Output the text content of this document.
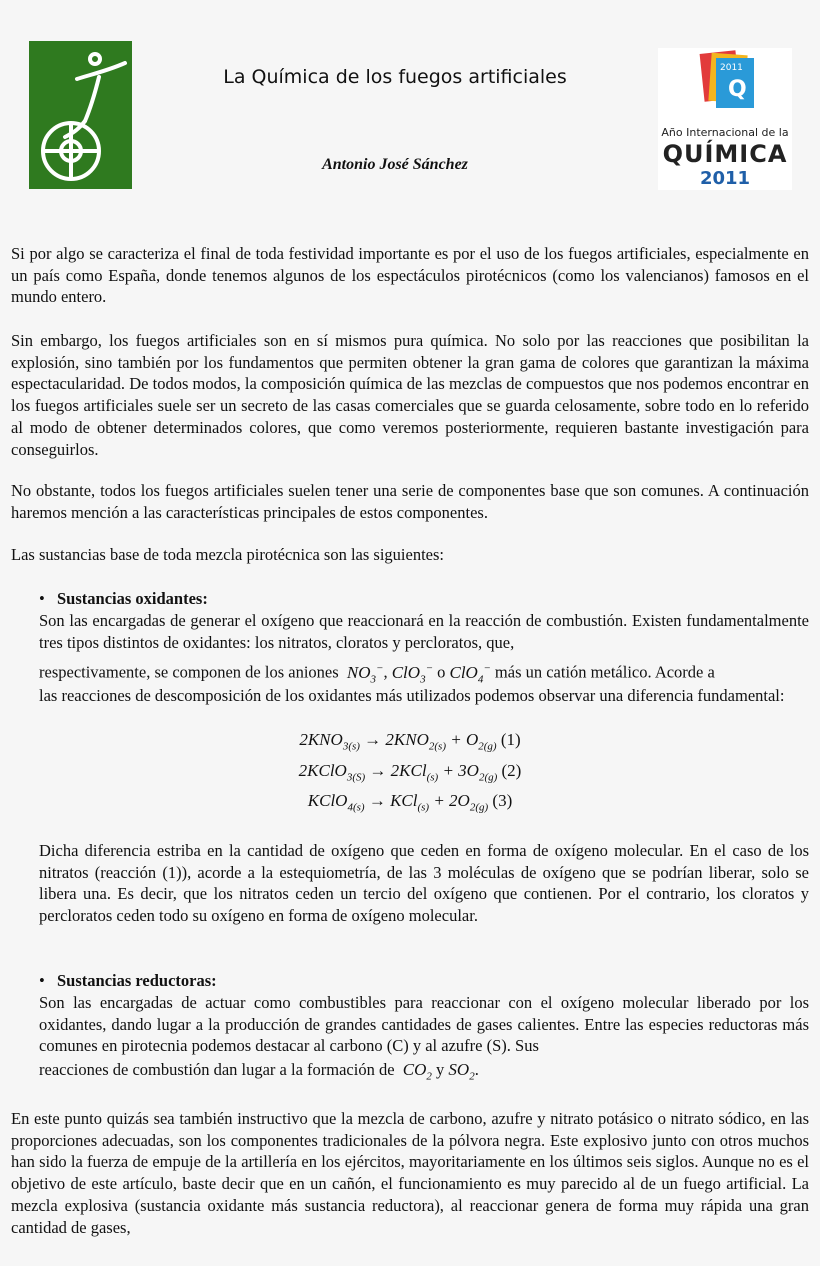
La Química de los fuegos artificiales
Antonio José Sánchez
2011
Q
Año Internacional de la
QUÍMICA
2011

Si por algo se caracteriza el final de toda festividad importante es por el uso de los fuegos artificiales, especialmente en un país como España, donde tenemos algunos de los espectáculos pirotécnicos (como los valencianos) famosos en el mundo entero.

Sin embargo, los fuegos artificiales son en sí mismos pura química. No solo por las reacciones que posibilitan la explosión, sino también por los fundamentos que permiten obtener la gran gama de colores que garantizan la máxima espectacularidad. De todos modos, la composición química de las mezclas de compuestos que nos podemos encontrar en los fuegos artificiales suele ser un secreto de las casas comerciales que se guarda celosamente, sobre todo en lo referido al modo de obtener determinados colores, que como veremos posteriormente, requieren bastante investigación para conseguirlos.

No obstante, todos los fuegos artificiales suelen tener una serie de componentes base que son comunes. A continuación haremos mención a las características principales de estos componentes.

Las sustancias base de toda mezcla pirotécnica son las siguientes:

• Sustancias oxidantes:

Son las encargadas de generar el oxígeno que reaccionará en la reacción de combustión. Existen fundamentalmente tres tipos distintos de oxidantes: los nitratos, cloratos y percloratos, que,

respectivamente, se componen de los aniones $NO_3^-$, ClO$_3$− o ClO$_4$− más un catión metálico. Acorde a

las reacciones de descomposición de los oxidantes más utilizados podemos observar una diferencia fundamental:

$2KNO_{3(s)} \to 2KNO_{2(s)} + O_{2(g)}$ (1)
2KClO$_{3(S)}$ → $2KCl_{(s)} + 3O_{2(g)}$ (2)
KClO$_{4(s)}$ → $KCl_{(s)} + 2O_{2(g)}$ (3)

Dicha diferencia estriba en la cantidad de oxígeno que ceden en forma de oxígeno molecular. En el caso de los nitratos (reacción (1)), acorde a la estequiometría, de las 3 moléculas de oxígeno que se podrían liberar, solo se libera una. Es decir, que los nitratos ceden un tercio del oxígeno que contienen. Por el contrario, los cloratos y percloratos ceden todo su oxígeno en forma de oxígeno molecular.

• Sustancias reductoras:

Son las encargadas de actuar como combustibles para reaccionar con el oxígeno molecular liberado por los oxidantes, dando lugar a la producción de grandes cantidades de gases calientes. Entre las especies reductoras más comunes en pirotecnia podemos destacar al carbono (C) y al azufre (S). Sus

reacciones de combustión dan lugar a la formación de $CO_2$ y $SO_2$.

En este punto quizás sea también instructivo que la mezcla de carbono, azufre y nitrato potásico o nitrato sódico, en las proporciones adecuadas, son los componentes tradicionales de la pólvora negra. Este explosivo junto con otros muchos han sido la fuerza de empuje de la artillería en los ejércitos, mayoritariamente en los últimos seis siglos. Aunque no es el objetivo de este artículo, baste decir que en un cañón, el funcionamiento es muy parecido al de un fuego artificial. La mezcla explosiva (sustancia oxidante más sustancia reductora), al reaccionar genera de forma muy rápida una gran cantidad de gases,
